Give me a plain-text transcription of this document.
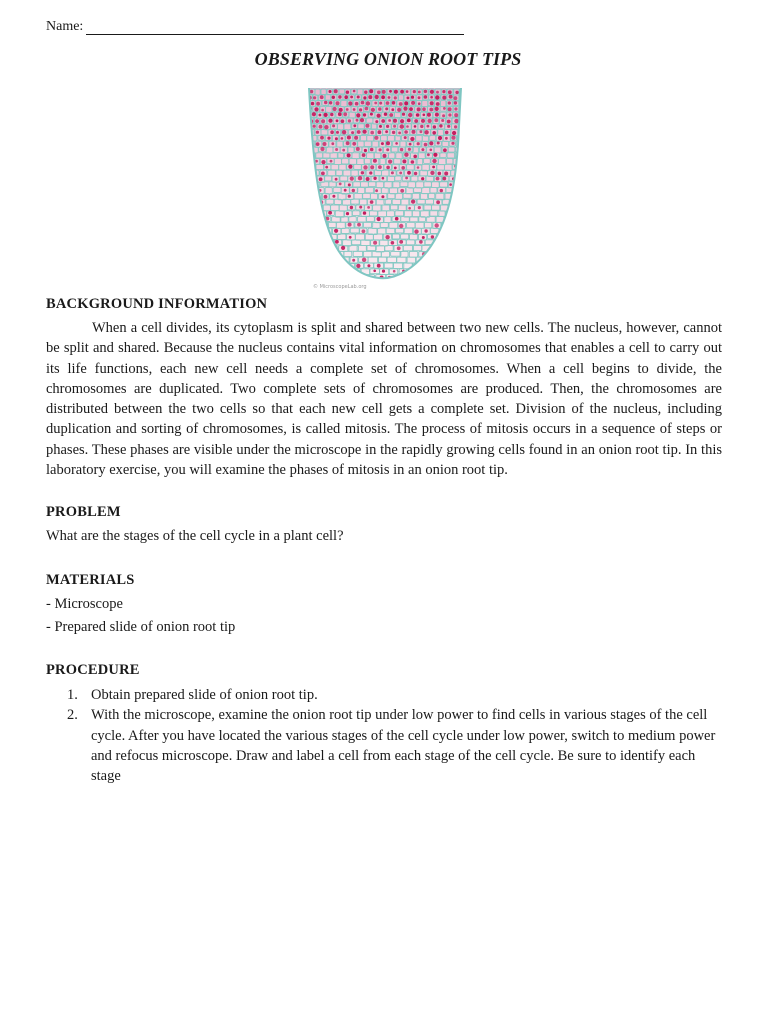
Name:
OBSERVING ONION ROOT TIPS
© MicroscopeLab.org
BACKGROUND INFORMATION
When a cell divides, its cytoplasm is split and shared between two new cells. The nucleus, however, cannot be split and shared. Because the nucleus contains vital information on chromosomes that enables a cell to carry out its life functions, each new cell needs a complete set of chromosomes. When a cell begins to divide, the chromosomes are duplicated. Two complete sets of chromosomes are produced. Then, the chromosomes are distributed between the two cells so that each new cell gets a complete set. Division of the nucleus, including duplication and sorting of chromosomes, is called mitosis. The process of mitosis occurs in a sequence of steps or phases. These phases are visible under the microscope in the rapidly growing cells found in an onion root tip. In this laboratory exercise, you will examine the phases of mitosis in an onion root tip.
PROBLEM
What are the stages of the cell cycle in a plant cell?
MATERIALS
- Microscope
- Prepared slide of onion root tip
PROCEDURE
1. Obtain prepared slide of onion root tip.
2. With the microscope, examine the onion root tip under low power to find cells in various stages of the cell cycle. After you have located the various stages of the cell cycle under low power, switch to medium power and refocus microscope. Draw and label a cell from each stage of the cell cycle. Be sure to identify each stage
